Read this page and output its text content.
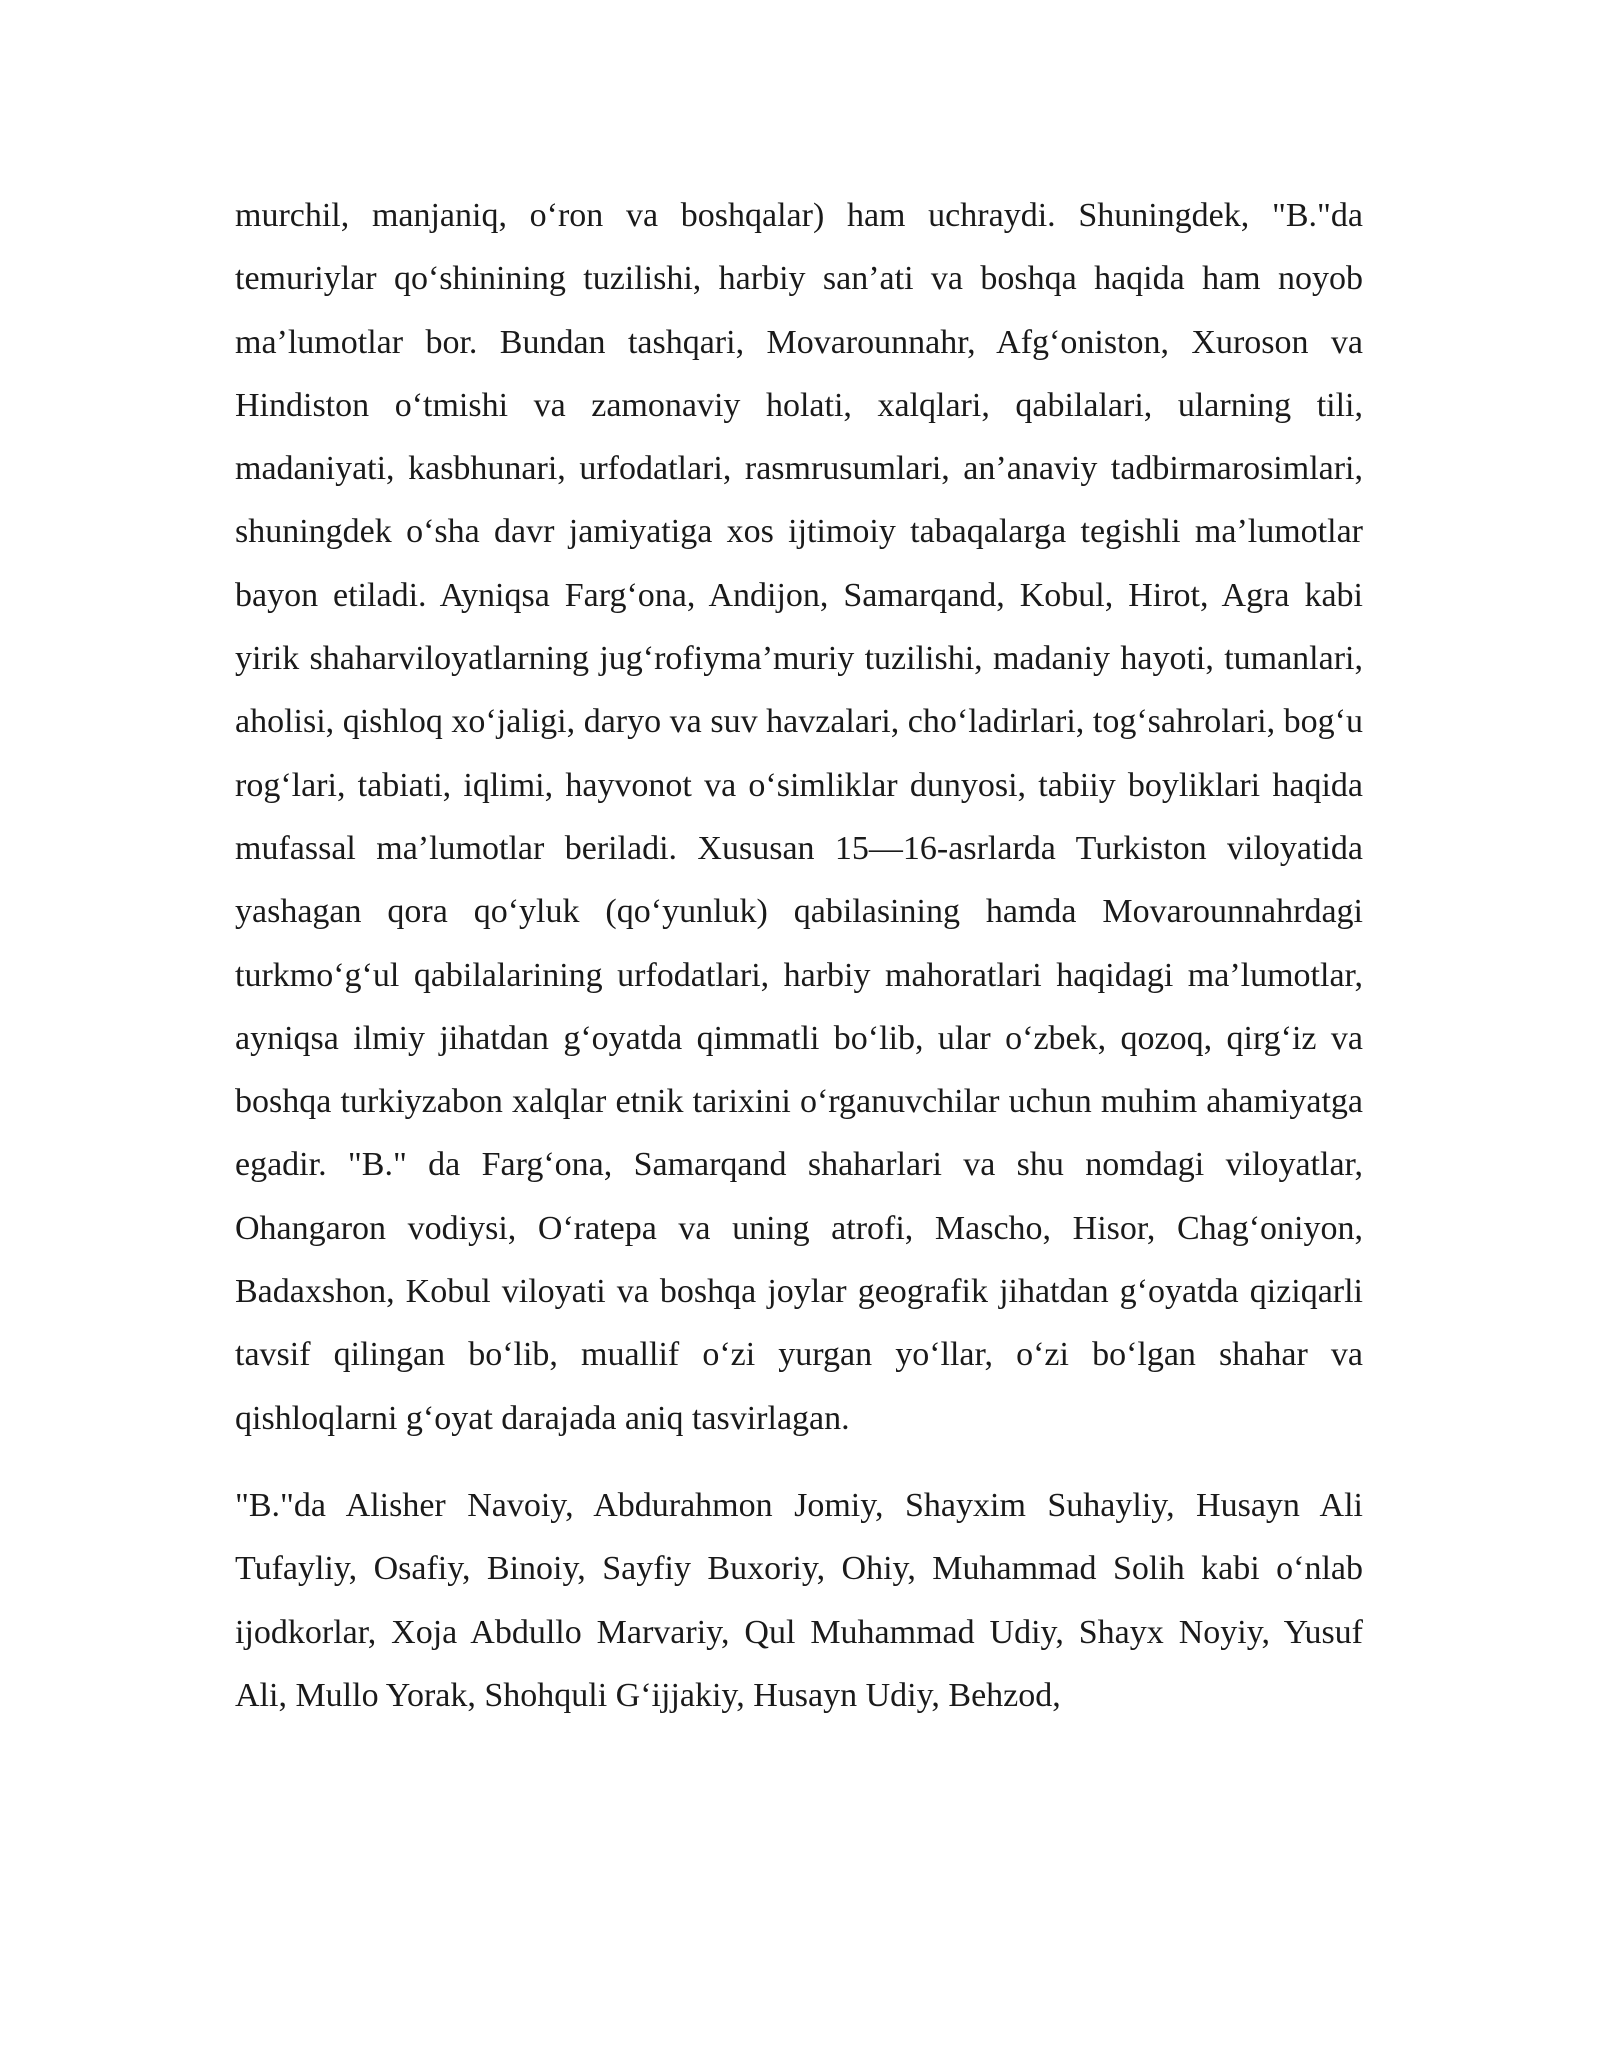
murchil, manjaniq, oʻron va boshqalar) ham uchraydi. Shuningdek, "B."da temuriylar qoʻshinining tuzilishi, harbiy san’ati va boshqa haqida ham noyob ma’lumotlar bor. Bundan tashqari, Movarounnahr, Afgʻoniston, Xuroson va Hindiston oʻtmishi va zamonaviy holati, xalqlari, qabilalari, ularning tili, madaniyati, kasbhunari, urfodatlari, rasmrusumlari, an’anaviy tadbirmarosimlari, shuningdek oʻsha davr jamiyatiga xos ijtimoiy tabaqalarga tegishli ma’lumotlar bayon etiladi. Ayniqsa Fargʻona, Andijon, Samarqand, Kobul, Hirot, Agra kabi yirik shaharviloyatlarning jugʻrofiyma’muriy tuzilishi, madaniy hayoti, tumanlari, aholisi, qishloq xoʻjaligi, daryo va suv havzalari, choʻladirlari, togʻsahrolari, bogʻu rogʻlari, tabiati, iqlimi, hayvonot va oʻsimliklar dunyosi, tabiiy boyliklari haqida mufassal ma’lumotlar beriladi. Xususan 15—16-asrlarda Turkiston viloyatida yashagan qora qoʻyluk (qoʻyunluk) qabilasining hamda Movarounnahrdagi turkmoʻgʻul qabilalarining urfodatlari, harbiy mahoratlari haqidagi ma’lumotlar, ayniqsa ilmiy jihatdan gʻoyatda qimmatli boʻlib, ular oʻzbek, qozoq, qirgʻiz va boshqa turkiyzabon xalqlar etnik tarixini oʻrganuvchilar uchun muhim ahamiyatga egadir. "B." da Fargʻona, Samarqand shaharlari va shu nomdagi viloyatlar, Ohangaron vodiysi, Oʻratepa va uning atrofi, Mascho, Hisor, Chagʻoniyon, Badaxshon, Kobul viloyati va boshqa joylar geografik jihatdan gʻoyatda qiziqarli tavsif qilingan boʻlib, muallif oʻzi yurgan yoʻllar, oʻzi boʻlgan shahar va qishloqlarni gʻoyat darajada aniq tasvirlagan.

"B."da Alisher Navoiy, Abdurahmon Jomiy, Shayxim Suhayliy, Husayn Ali Tufayliy, Osafiy, Binoiy, Sayfiy Buxoriy, Ohiy, Muhammad Solih kabi oʻnlab ijodkorlar, Xoja Abdullo Marvariy, Qul Muhammad Udiy, Shayx Noyiy, Yusuf Ali, Mullo Yorak, Shohquli Gʻijjakiy, Husayn Udiy, Behzod,
